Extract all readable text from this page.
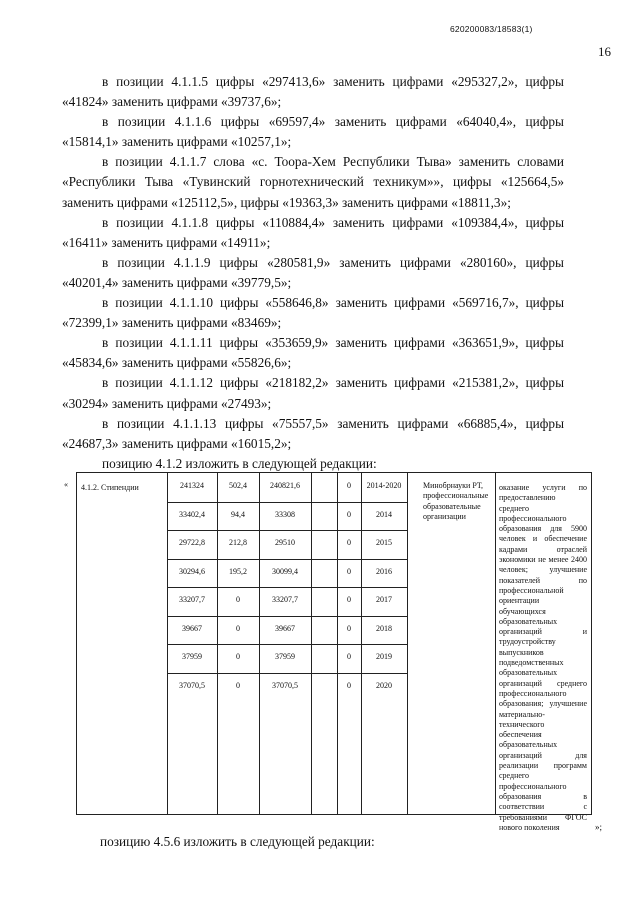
620200083/18583(1)
16

в позиции 4.1.1.5 цифры «297413,6» заменить цифрами «295327,2», цифры «41824» заменить цифрами «39737,6»;

в позиции 4.1.1.6 цифры «69597,4» заменить цифрами «64040,4», цифры «15814,1» заменить цифрами «10257,1»;

в позиции 4.1.1.7 слова «с. Тоора-Хем Республики Тыва» заменить словами «Республики Тыва «Тувинский горнотехнический техникум»», цифры «125664,5» заменить цифрами «125112,5», цифры «19363,3» заменить цифрами «18811,3»;

в позиции 4.1.1.8 цифры «110884,4» заменить цифрами «109384,4», цифры «16411» заменить цифрами «14911»;

в позиции 4.1.1.9 цифры «280581,9» заменить цифрами «280160», цифры «40201,4» заменить цифрами «39779,5»;

в позиции 4.1.1.10 цифры «558646,8» заменить цифрами «569716,7», цифры «72399,1» заменить цифрами «83469»;

в позиции 4.1.1.11 цифры «353659,9» заменить цифрами «363651,9», цифры «45834,6» заменить цифрами «55826,6»;

в позиции 4.1.1.12 цифры «218182,2» заменить цифрами «215381,2», цифры «30294» заменить цифрами «27493»;

в позиции 4.1.1.13 цифры «75557,5» заменить цифрами «66885,4», цифры «24687,3» заменить цифрами «16015,2»;

позицию 4.1.2 изложить в следующей редакции:

« 4.1.2. Стипендии	Минобрнауки РТ, профессиональные образовательные организации
оказание услуги по предоставлению среднего профессионального образования для 5900 человек и обеспечение кадрами отраслей экономики не менее 2400 человек; улучшение показателей по профессиональной ориентации обучающихся образовательных организаций и трудоустройству выпускников подведомственных образовательных организаций среднего профессионального образования; улучшение материально-технического обеспечения образовательных организаций для реализации программ среднего профессионального образования в соответствии с требованиями ФГОС нового поколения
241324	502,4	240821,6	0	2014-2020
33402,4	94,4	33308	0	2014
29722,8	212,8	29510	0	2015
30294,6	195,2	30099,4	0	2016
33207,7	0	33207,7	0	2017
39667	0	39667	0	2018
37959	0	37959	0	2019
37070,5	0	37070,5	0	2020
»;
позицию 4.5.6 изложить в следующей редакции:
